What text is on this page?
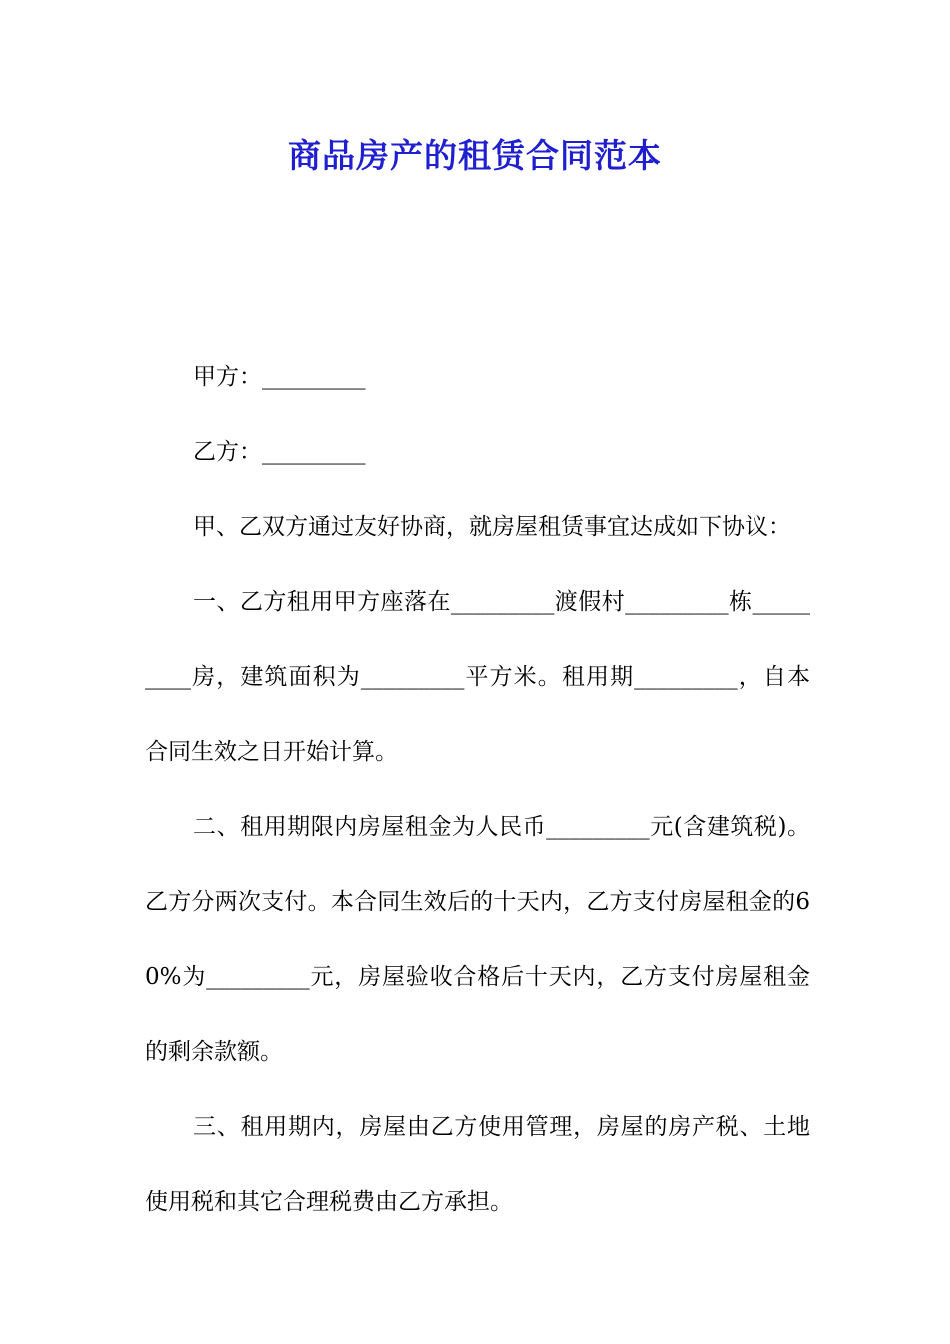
商品房产的租赁合同范本

甲方：_________

乙方：_________

甲、乙双方通过友好协商，就房屋租赁事宜达成如下协议：

一、乙方租用甲方座落在_________渡假村_________栋_________房，建筑面积为_________平方米。租用期_________，自本合同生效之日开始计算。

二、租用期限内房屋租金为人民币_________元(含建筑税)。乙方分两次支付。本合同生效后的十天内，乙方支付房屋租金的60%为_________元，房屋验收合格后十天内，乙方支付房屋租金的剩余款额。

三、租用期内，房屋由乙方使用管理，房屋的房产税、土地使用税和其它合理税费由乙方承担。
